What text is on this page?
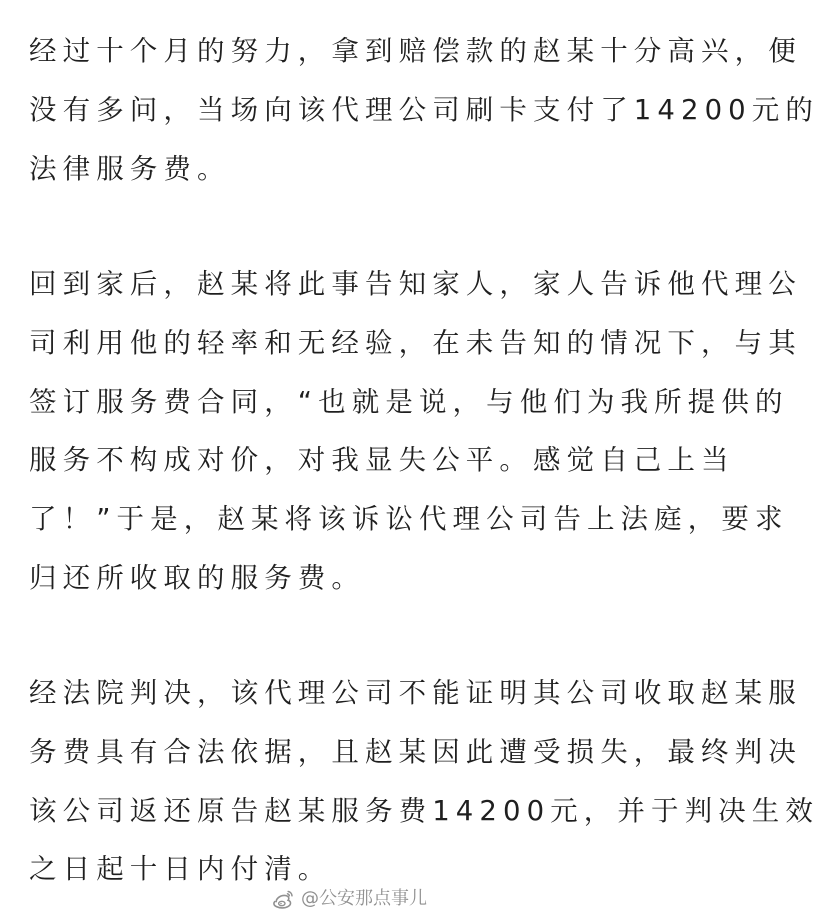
经过十个月的努力，拿到赔偿款的赵某十分高兴，便
没有多问，当场向该代理公司刷卡支付了14200元的
法律服务费。
回到家后，赵某将此事告知家人，家人告诉他代理公
司利用他的轻率和无经验，在未告知的情况下，与其
签订服务费合同，“也就是说，与他们为我所提供的
服务不构成对价，对我显失公平。感觉自己上当
了！”于是，赵某将该诉讼代理公司告上法庭，要求
归还所收取的服务费。
经法院判决，该代理公司不能证明其公司收取赵某服
务费具有合法依据，且赵某因此遭受损失，最终判决
该公司返还原告赵某服务费14200元，并于判决生效
之日起十日内付清。
@公安那点事儿
